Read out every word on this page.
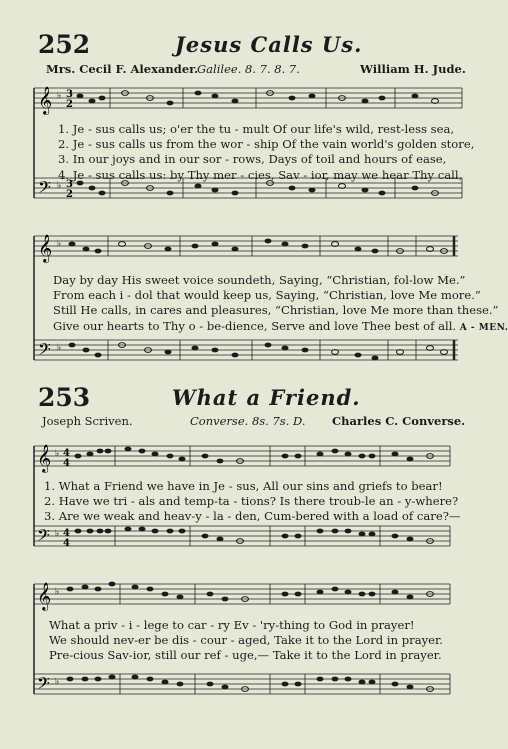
252	Jesus Calls Us.
Mrs. Cecil F. Alexander.
Galilee. 8. 7. 8. 7.	William H. Jude.
𝄞
𝄢
♭
♭
3
2
3
2
1. Je - sus calls us; o'er the tu - mult Of our life's wild, rest-less sea,
2. Je - sus calls us from the wor - ship Of the vain world's golden store,
3. In our joys and in our sor - rows, Days of toil and hours of ease,
4. Je - sus calls us: by Thy mer - cies, Sav - ior, may we hear Thy call,
𝄞
𝄢
♭
♭
Day by day His sweet voice soundeth, Saying, “Christian, fol-low Me.”
From each i - dol that would keep us, Saying, “Christian, love Me more.”
Still He calls, in cares and pleasures, “Christian, love Me more than these.”
Give our hearts to Thy o - be-dience, Serve and love Thee best of all. A - MEN.
253	What a Friend.
Joseph Scriven.	Converse. 8s. 7s. D. Charles C. Converse.
𝄞
𝄢
♭
♭
4
4
4
4
1. What a Friend we have in Je - sus, All our sins and griefs to bear!
2. Have we tri - als and temp-ta - tions? Is there troub-le an - y-where?
3. Are we weak and heav-y - la - den, Cum-bered with a load of care?—
𝄞
𝄢
♭
♭
What a priv - i - lege to car - ry Ev - 'ry-thing to God in prayer!
We should nev-er be dis - cour - aged, Take it to the Lord in prayer.
Pre-cious Sav-ior, still our ref - uge,— Take it to the Lord in prayer.
